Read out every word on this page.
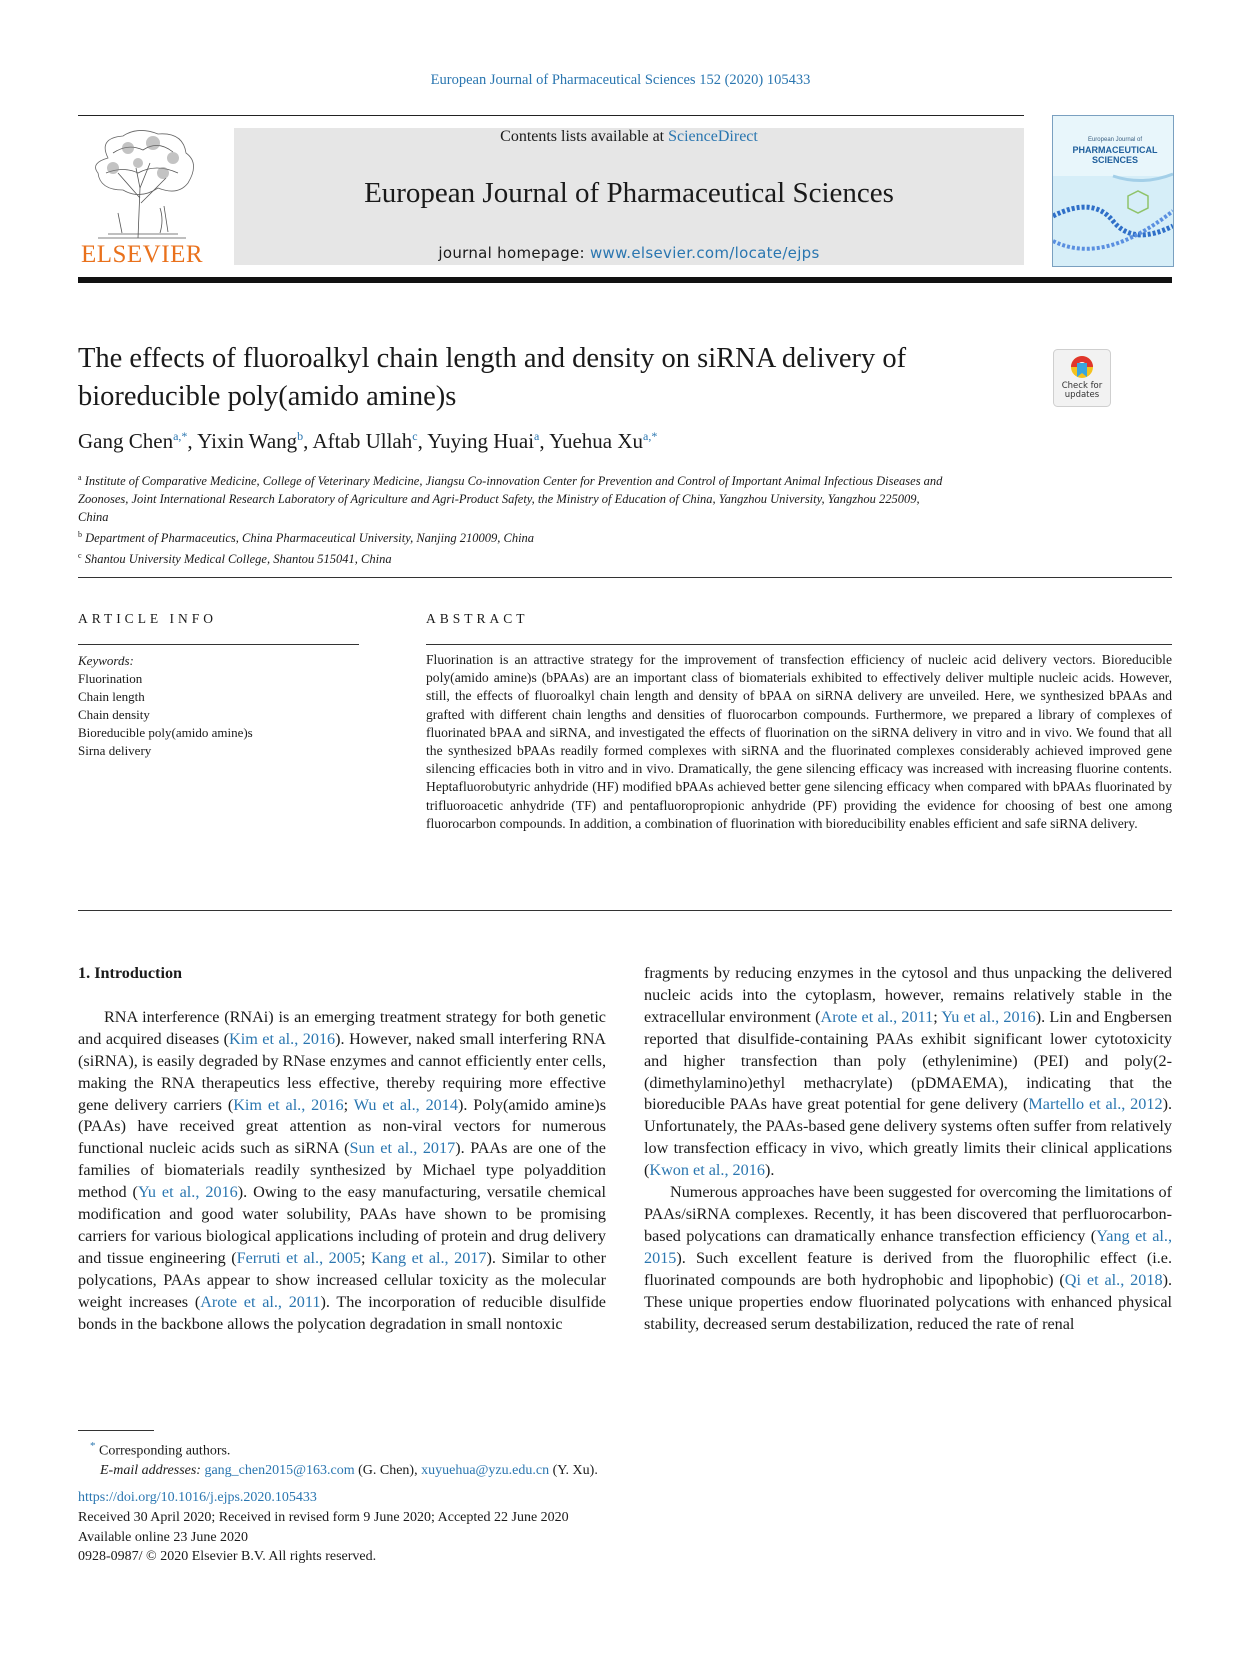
European Journal of Pharmaceutical Sciences 152 (2020) 105433
ELSEVIER
Contents lists available at ScienceDirect
European Journal of Pharmaceutical Sciences
journal homepage: www.elsevier.com/locate/ejps
European Journal of
PHARMACEUTICAL
SCIENCES
The effects of fluoroalkyl chain length and density on siRNA delivery of
bioreducible poly(amido amine)s	Check for
updates
Gang Chen$^{a,*}$, Yixin Wang$^b$, Aftab Ullah$^c$, Yuying Huai$^a$, Yuehua $Xu^{a,*}$
$^a$ Institute of Comparative Medicine, College of Veterinary Medicine, Jiangsu Co-innovation Center for Prevention and Control of Important Animal Infectious Diseases and
Zoonoses, Joint International Research Laboratory of Agriculture and Agri-Product Safety, the Ministry of Education of China, Yangzhou University, Yangzhou 225009,
China
$^b$ Department of Pharmaceutics, China Pharmaceutical University, Nanjing 210009, China
$^c$ Shantou University Medical College, Shantou 515041, China
ARTICLE INFO
Keywords:
Fluorination
Chain length
Chain density
Bioreducible poly(amido amine)s
Sirna delivery
ABSTRACT
Fluorination is an attractive strategy for the improvement of transfection efficiency of nucleic acid delivery vectors. Bioreducible poly(amido amine)s (bPAAs) are an important class of biomaterials exhibited to effectively deliver multiple nucleic acids. However, still, the effects of fluoroalkyl chain length and density of bPAA on siRNA delivery are unveiled. Here, we synthesized bPAAs and grafted with different chain lengths and densities of fluorocarbon compounds. Furthermore, we prepared a library of complexes of fluorinated bPAA and siRNA, and investigated the effects of fluorination on the siRNA delivery in vitro and in vivo. We found that all the synthesized bPAAs readily formed complexes with siRNA and the fluorinated complexes considerably achieved improved gene silencing efficacies both in vitro and in vivo. Dramatically, the gene silencing efficacy was increased with increasing fluorine contents. Heptafluorobutyric anhydride (HF) modified bPAAs achieved better gene silencing efficacy when compared with bPAAs fluorinated by trifluoroacetic anhydride (TF) and pentafluoropropionic anhydride (PF) providing the evidence for choosing of best one among fluorocarbon compounds. In addition, a combination of fluorination with bioreducibility enables efficient and safe siRNA delivery.
1. Introduction

RNA interference (RNAi) is an emerging treatment strategy for both genetic and acquired diseases (Kim et al., 2016). However, naked small interfering RNA (siRNA), is easily degraded by RNase enzymes and cannot efficiently enter cells, making the RNA therapeutics less effective, thereby requiring more effective gene delivery carriers (Kim et al., 2016; Wu et al., 2014). Poly(amido amine)s (PAAs) have received great attention as non-viral vectors for numerous functional nucleic acids such as siRNA (Sun et al., 2017). PAAs are one of the families of biomaterials readily synthesized by Michael type polyaddition method (Yu et al., 2016). Owing to the easy manufacturing, versatile chemical modification and good water solubility, PAAs have shown to be promising carriers for various biological applications including of protein and drug delivery and tissue engineering (Ferruti et al., 2005; Kang et al., 2017). Similar to other polycations, PAAs appear to show increased cellular toxicity as the molecular weight increases (Arote et al., 2011). The incorporation of reducible disulfide bonds in the backbone allows the polycation degradation in small nontoxic

fragments by reducing enzymes in the cytosol and thus unpacking the delivered nucleic acids into the cytoplasm, however, remains relatively stable in the extracellular environment (Arote et al., 2011; Yu et al., 2016). Lin and Engbersen reported that disulfide-containing PAAs exhibit significant lower cytotoxicity and higher transfection than poly (ethylenimine) (PEI) and poly(2-(dimethylamino)ethyl methacrylate) (pDMAEMA), indicating that the bioreducible PAAs have great potential for gene delivery (Martello et al., 2012). Unfortunately, the PAAs-based gene delivery systems often suffer from relatively low transfection efficacy in vivo, which greatly limits their clinical applications (Kwon et al., 2016).

Numerous approaches have been suggested for overcoming the limitations of PAAs/siRNA complexes. Recently, it has been discovered that perfluorocarbon-based polycations can dramatically enhance transfection efficiency (Yang et al., 2015). Such excellent feature is derived from the fluorophilic effect (i.e. fluorinated compounds are both hydrophobic and lipophobic) (Qi et al., 2018). These unique properties endow fluorinated polycations with enhanced physical stability, decreased serum destabilization, reduced the rate of renal

* Corresponding authors.
E-mail addresses: gang_chen2015@163.com (G. Chen), xuyuehua@yzu.edu.cn (Y. Xu).
https://doi.org/10.1016/j.ejps.2020.105433
Received 30 April 2020; Received in revised form 9 June 2020; Accepted 22 June 2020
Available online 23 June 2020
0928-0987/ © 2020 Elsevier B.V. All rights reserved.
